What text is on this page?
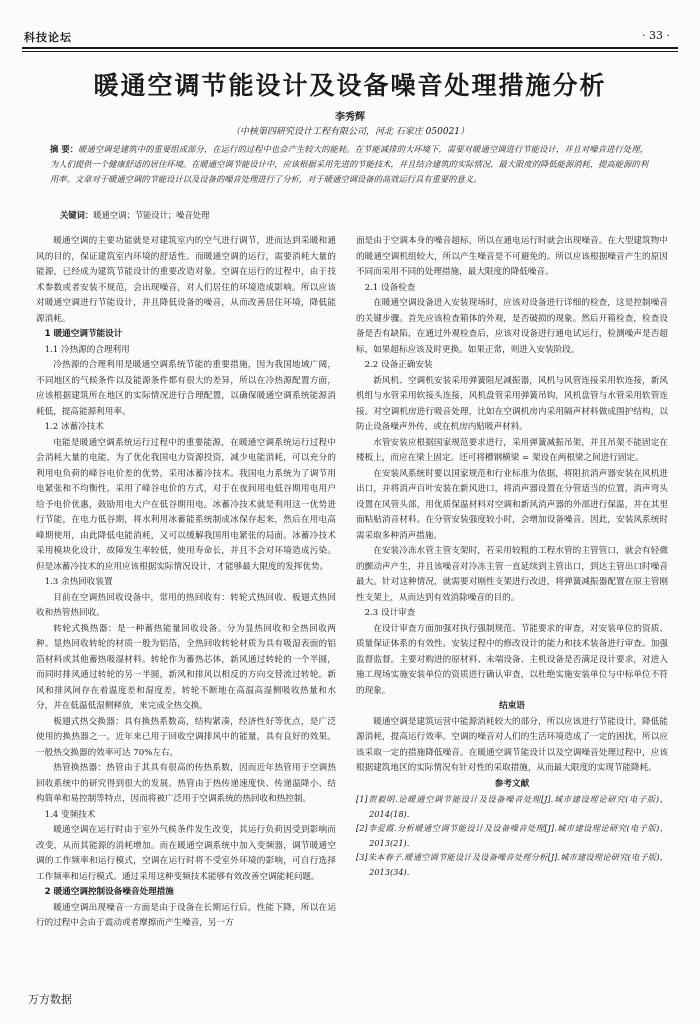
科技论坛	· 33 ·
暖通空调节能设计及设备噪音处理措施分析
李秀辉
（中核第四研究设计工程有限公司，河北 石家庄 050021）
摘 要：暖通空调是建筑中的重要组成部分，在运行的过程中也会产生较大的能耗。在节能减排的大环境下，需要对暖通空调进行节能设计，并且对噪音进行处理，为人们提供一个健康舒适的居住环境。在暖通空调节能设计中，应该根据采用先进的节能技术，并且结合建筑的实际情况，最大限度的降低能源消耗，提高能源的利用率。文章对于暖通空调的节能设计以及设备的噪音处理进行了分析，对于暖通空调设备的高效运行具有重要的意义。
关键词：暖通空调；节能设计；噪音处理

暖通空调的主要功能就是对建筑室内的空气进行调节，进而达到采暖和通风的目的，保证建筑室内环境的舒适性。而暖通空调的运行，需要消耗大量的能源，已经成为建筑节能设计的重要改造对象。空调在运行的过程中，由于技术参数或者安装不规范，会出现噪音，对人们居住的环境造成影响。所以应该对暖通空调进行节能设计，并且降低设备的噪音，从而改善居住环境，降低能源消耗。

1 暖通空调节能设计
1.1 冷热源的合理利用

冷热源的合理利用是暖通空调系统节能的重要措施，因为我国地域广阔，不同地区的气候条件以及能源条件都有很大的差异，所以在冷热源配置方面，应该根据建筑所在地区的实际情况进行合理配置，以确保暖通空调系统能源消耗低，提高能源利用率。

1.2 冰蓄冷技术

电能是暖通空调系统运行过程中的重要能源，在暖通空调系统运行过程中会消耗大量的电能，为了优化我国电力资源投资，减少电能消耗，可以充分的利用电负荷的峰谷电价差的优势，采用冰蓄冷技术。我国电力系统为了调节用电紧张和不均衡性，采用了峰谷电价的方式，对于在夜间用电低谷期用电用户给予电价优惠，鼓励用电大户在低谷期用电。冰蓄冷技术就是利用这一优势进行节能，在电力低谷期，将水利用冰蓄能系统制成冰保存起来，然后在用电高峰期使用，由此降低电能消耗，又可以缓解我国用电紧张的局面。冰蓄冷技术采用模块化设计，故障发生率较低，使用寿命长，并且不会对环境造成污染。但是冰蓄冷技术的应用应该根据实际情况设计，才能够最大限度的发挥优势。

1.3 余热回收装置

目前在空调热回收设备中，常用的热回收有：转轮式热回收、板翅式热回收和热管热回收。

转轮式换热器：是一种蓄热能量回收设备。分为显热回收和全热回收两种。显热回收转轮的材质一般为铝箔，全热回收转轮材质为具有吸湿表面的铝箔材料或其他蓄热吸湿材料。转轮作为蓄热芯体，新风通过转轮的一个半圆，而同时排风通过转轮的另一半圆，新风和排风以相反的方向交替流过转轮。新风和排风间存在着温度差和湿度差，转轮不断地在高温高湿侧吸收热量和水分，并在低温低湿侧释放，来完成全热交换。

板翅式热交换器：具有换热系数高，结构紧凑，经济性好等优点，是广泛使用的换热器之一。近年来已用于回收空调排风中的能量，具有良好的效果。一般热交换器的效率可达 70%左右。

热管换热器：热管由于其具有很高的传热系数，因而近年热管用于空调热回收系统中的研究得到很大的发展。热管由于热传递速度快、传递温降小、结构简单和易控制等特点，因而将被广泛用于空调系统的热回收和热控制。

1.4 变频技术

暖通空调在运行时由于室外气候条件发生改变，其运行负荷因受到影响而改变，从而其能源的消耗增加。而在暖通空调系统中加入变频器，调节暖通空调的工作频率和运行模式，空调在运行时将不受室外环境的影响，可自行选择工作频率和运行模式。通过采用这种变频技术能够有效改善空调能耗问题。

2 暖通空调控制设备噪音处理措施

暖通空调出现噪音一方面是由于设备在长期运行后，性能下降，所以在运行的过程中会由于震动或者摩擦而产生噪音，另一方

面是由于空调本身的噪音超标，所以在通电运行时就会出现噪音。在大型建筑物中的暖通空调机组较大，所以产生噪音是不可避免的。所以应该根据噪音产生的原因不同而采用不同的处理措施，最大限度的降低噪音。

2.1 设备检查

在暖通空调设备进入安装现场时，应该对设备进行详细的检查，这是控制噪音的关键步骤。首先应该检查箱体的外观，是否破损的现象。然后开箱检查，检查设备是否有缺陷，在通过外观检查后，应该对设备进行通电试运行，检测噪声是否超标，如果超标应该及时更换。如果正常，则进入安装阶段。

2.2 设备正确安装

新风机、空调机安装采用弹簧阻尼减振器，风机与风管连接采用软连接，新风机组与水管采用软接头连接，风机盘管采用弹簧吊钩，风机盘管与水管采用软管连接。对空调机房进行吸音处理，比如在空调机房内采用隔声材料做成围护结构，以防止设备噪声外传，或在机房内贴吸声材料。

水管安装应根据国家规范要求进行，采用弹簧减振吊架，并且吊架不能固定在楼板上，而应在梁上固定。还可将槽钢横梁 = 架设在两根梁之间进行固定。

在安装风系统时要以国家规范和行业标准为依据，将阻抗消声器安装在风机进出口，并将消声百叶安装在新风进口，将消声器设置在分管适当的位置，消声弯头设置在风管头部，用优质保温材料对空调和新风消声器的外部进行保温，并在其里面粘贴消音材料。在分管安装强度较小时，会增加设备噪音。因此，安装风系统时需采取多种消声措施。

在安装冷冻水管主管支架时，若采用较粗的工程水管的主管管口，就会有轻微的颤动声产生，并且该噪音对冷冻主管一直延续到主管出口，到达主管出口时噪音最大。针对这种情况，就需要对刚性支架进行改进，将弹簧减振器配置在原主管刚性支架上，从而达到有效消除噪音的目的。

2.3 设计审查

在设计审查方面加强对执行强制规范、节能要求的审查，对安装单位的资质、质量保证体系的有效性、安装过程中的修改设计的能力和技术装备进行审查。加强监督监督。主要对购进的原材料、末端设备、主机设备是否满足设计要求，对进入施工现场实施安装单位的资质进行确认审查，以杜绝实施安装单位与中标单位不符的现象。

结束语

暖通空调是建筑运营中能源消耗较大的部分，所以应该进行节能设计，降低能源消耗，提高运行效率。空调的噪音对人们的生活环境造成了一定的困扰，所以应该采取一定的措施降低噪音。在暖通空调节能设计以及空调噪音处理过程中，应该根据建筑地区的实际情况有针对性的采取措施，从而最大限度的实现节能降耗。

参考文献

[1]贺毅明.论暖通空调节能设计及设备噪音处理[J].城市建设理论研究(电子版)，2014(18).

[2]李爱霞.分析暖通空调节能设计及设备噪音处理[J].城市建设理论研究(电子版)，2013(21).

[3]朱本春子.暖通空调节能设计及设备噪音处理分析[J].城市建设理论研究(电子版)，2013(34).

万方数据
